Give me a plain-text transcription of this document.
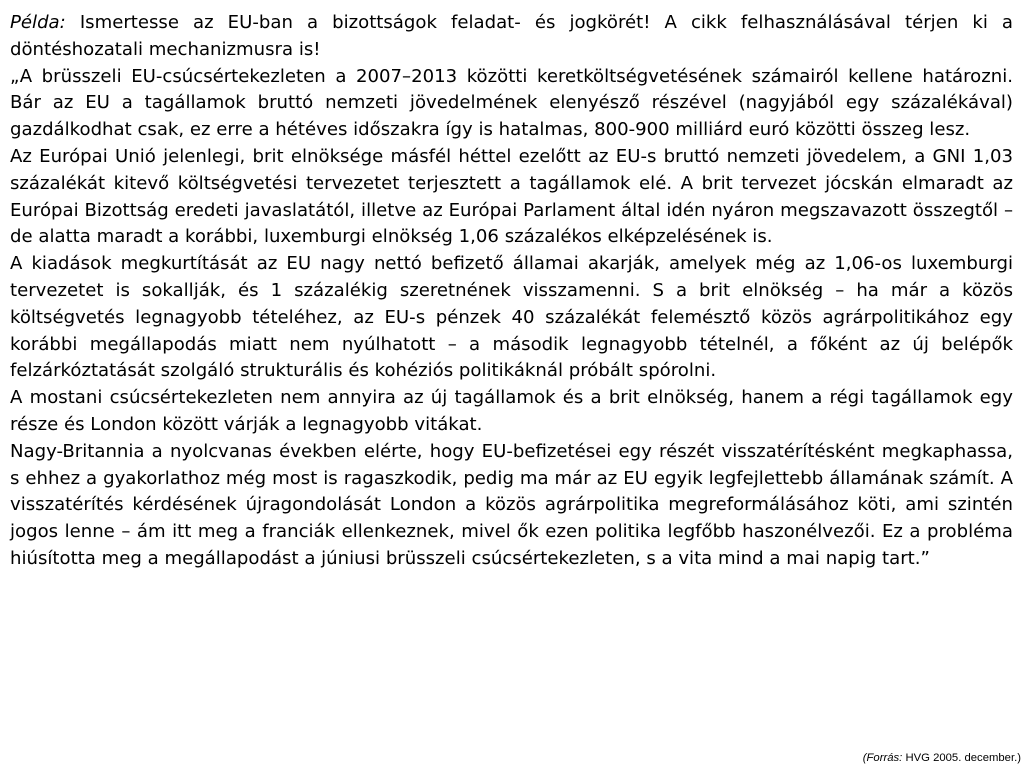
Példa: Ismertesse az EU-ban a bizottságok feladat- és jogkörét! A cikk felhasználásával térjen ki a döntéshozatali mechanizmusra is!

„A brüsszeli EU-csúcsértekezleten a 2007–2013 közötti keretköltségvetésének számairól kellene határozni. Bár az EU a tagállamok bruttó nemzeti jövedelmének elenyésző részével (nagyjából egy százalékával) gazdálkodhat csak, ez erre a hétéves időszakra így is hatalmas, 800-900 milliárd euró közötti összeg lesz.

Az Európai Unió jelenlegi, brit elnöksége másfél héttel ezelőtt az EU-s bruttó nemzeti jövedelem, a GNI 1,03 százalékát kitevő költségvetési tervezetet terjesztett a tagállamok elé. A brit tervezet jócskán elmaradt az Európai Bizottság eredeti javaslatától, illetve az Európai Parlament által idén nyáron megszavazott összegtől – de alatta maradt a korábbi, luxemburgi elnökség 1,06 százalékos elképzelésének is.

A kiadások megkurtítását az EU nagy nettó befizető államai akarják, amelyek még az 1,06-os luxemburgi tervezetet is sokallják, és 1 százalékig szeretnének visszamenni. S a brit elnökség – ha már a közös költségvetés legnagyobb tételéhez, az EU-s pénzek 40 százalékát felemésztő közös agrárpolitikához egy korábbi megállapodás miatt nem nyúlhatott – a második legnagyobb tételnél, a főként az új belépők felzárkóztatását szolgáló strukturális és kohéziós politikáknál próbált spórolni.

A mostani csúcsértekezleten nem annyira az új tagállamok és a brit elnökség, hanem a régi tagállamok egy része és London között várják a legnagyobb vitákat.

Nagy-Britannia a nyolcvanas években elérte, hogy EU-befizetései egy részét visszatérítésként megkaphassa, s ehhez a gyakorlathoz még most is ragaszkodik, pedig ma már az EU egyik legfejlettebb államának számít. A visszatérítés kérdésének újragondolását London a közös agrárpolitika megreformálásához köti, ami szintén jogos lenne – ám itt meg a franciák ellenkeznek, mivel ők ezen politika legfőbb haszonélvezői. Ez a probléma hiúsította meg a megállapodást a júniusi brüsszeli csúcsértekezleten, s a vita mind a mai napig tart.”

(Forrás: HVG 2005. december.)
